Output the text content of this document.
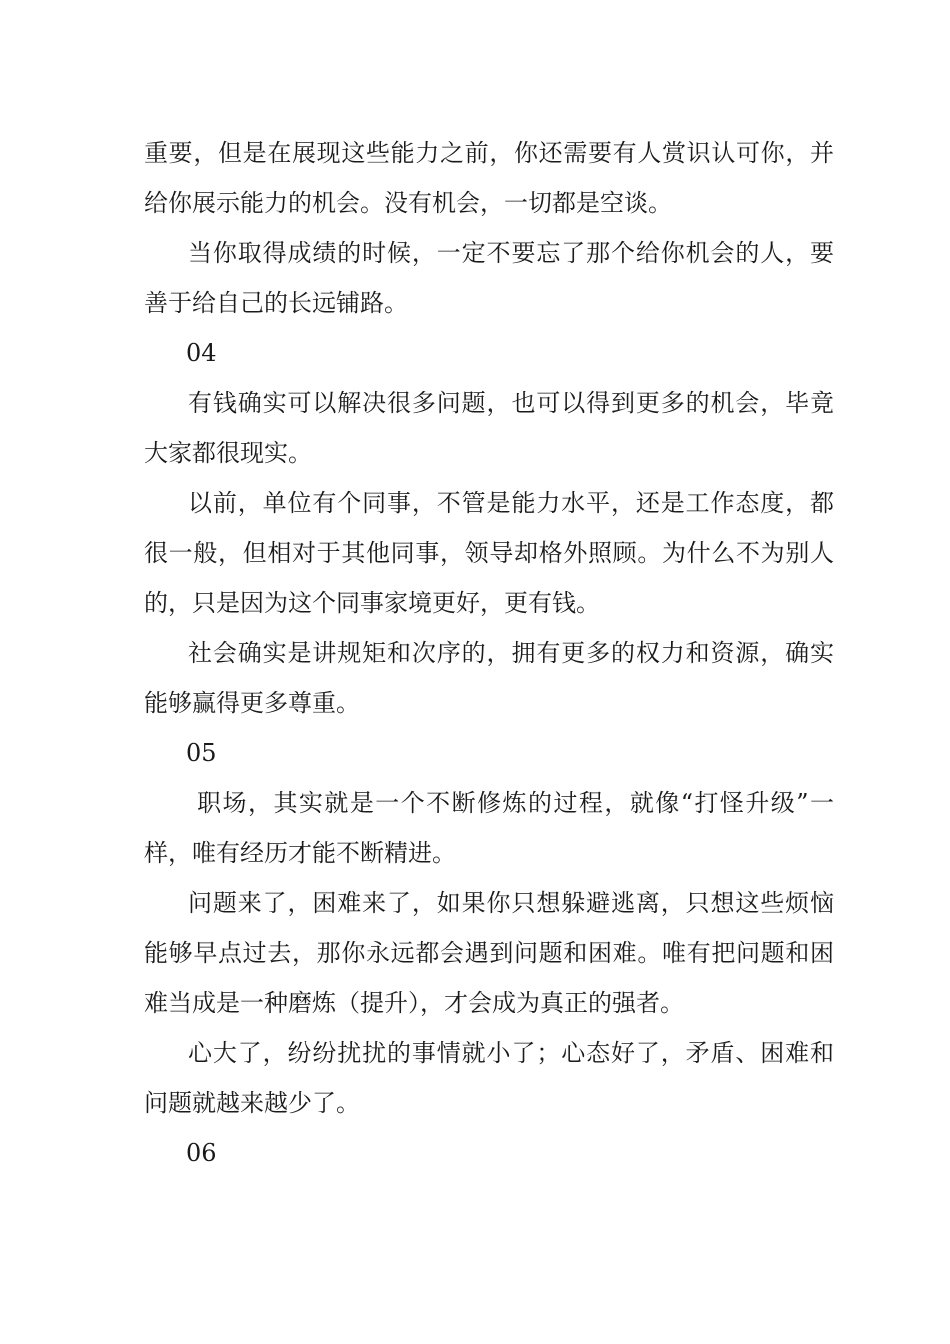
重要，但是在展现这些能力之前，你还需要有人赏识认可你，并给你展示能力的机会。没有机会，一切都是空谈。

当你取得成绩的时候，一定不要忘了那个给你机会的人，要善于给自己的长远铺路。

04

有钱确实可以解决很多问题，也可以得到更多的机会，毕竟大家都很现实。

以前，单位有个同事，不管是能力水平，还是工作态度，都很一般，但相对于其他同事，领导却格外照顾。为什么不为别人的，只是因为这个同事家境更好，更有钱。

社会确实是讲规矩和次序的，拥有更多的权力和资源，确实能够赢得更多尊重。

05

职场，其实就是一个不断修炼的过程，就像“打怪升级”一样，唯有经历才能不断精进。

问题来了，困难来了，如果你只想躲避逃离，只想这些烦恼能够早点过去，那你永远都会遇到问题和困难。唯有把问题和困难当成是一种磨炼（提升），才会成为真正的强者。

心大了，纷纷扰扰的事情就小了；心态好了，矛盾、困难和问题就越来越少了。

06
